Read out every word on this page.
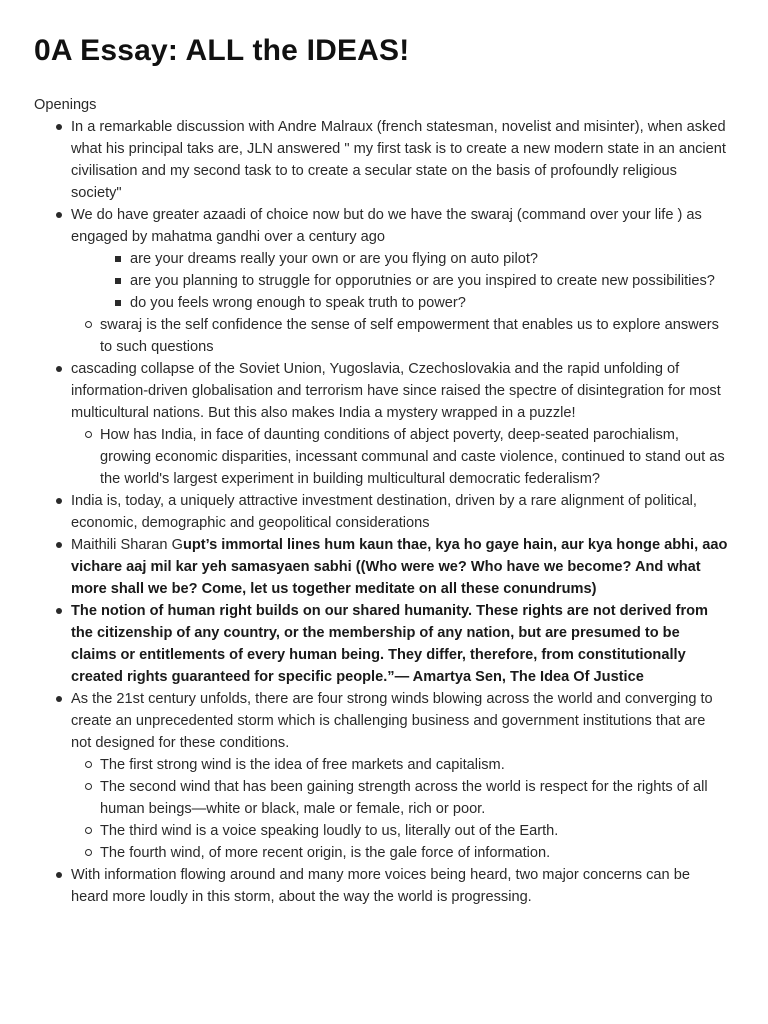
0A Essay: ALL the IDEAS!

Openings

In a remarkable discussion with Andre Malraux (french statesman, novelist and misinter), when asked what his principal taks are, JLN answered " my first task is to create a new modern state in an ancient civilisation and my second task to to create a secular state on the basis of profoundly religious society"
We do have greater azaadi of choice now but do we have the swaraj (command over your life ) as engaged by mahatma gandhi over a century ago
are your dreams really your own or are you flying on auto pilot?
are you planning to struggle for opporutnies or are you inspired to create new possibilities?
do you feels wrong enough to speak truth to power?
swaraj is the self confidence the sense of self empowerment that enables us to explore answers to such questions
cascading collapse of the Soviet Union, Yugoslavia, Czechoslovakia and the rapid unfolding of information-driven globalisation and terrorism have since raised the spectre of disintegration for most multicultural nations. But this also makes India a mystery wrapped in a puzzle!
How has India, in face of daunting conditions of abject poverty, deep-seated parochialism, growing economic disparities, incessant communal and caste violence, continued to stand out as the world's largest experiment in building multicultural democratic federalism?
India is, today, a uniquely attractive investment destination, driven by a rare alignment of political, economic, demographic and geopolitical considerations
Maithili Sharan Gupt’s immortal lines hum kaun thae, kya ho gaye hain, aur kya honge abhi, aao vichare aaj mil kar yeh samasyaen sabhi ((Who were we? Who have we become? And what more shall we be? Come, let us together meditate on all these conundrums)
The notion of human right builds on our shared humanity. These rights are not derived from the citizenship of any country, or the membership of any nation, but are presumed to be claims or entitlements of every human being. They differ, therefore, from constitutionally created rights guaranteed for specific people.”— Amartya Sen, The Idea Of Justice
As the 21st century unfolds, there are four strong winds blowing across the world and converging to create an unprecedented storm which is challenging business and government institutions that are not designed for these conditions.
The first strong wind is the idea of free markets and capitalism.
The second wind that has been gaining strength across the world is respect for the rights of all human beings—white or black, male or female, rich or poor.
The third wind is a voice speaking loudly to us, literally out of the Earth.
The fourth wind, of more recent origin, is the gale force of information.
With information flowing around and many more voices being heard, two major concerns can be heard more loudly in this storm, about the way the world is progressing.
